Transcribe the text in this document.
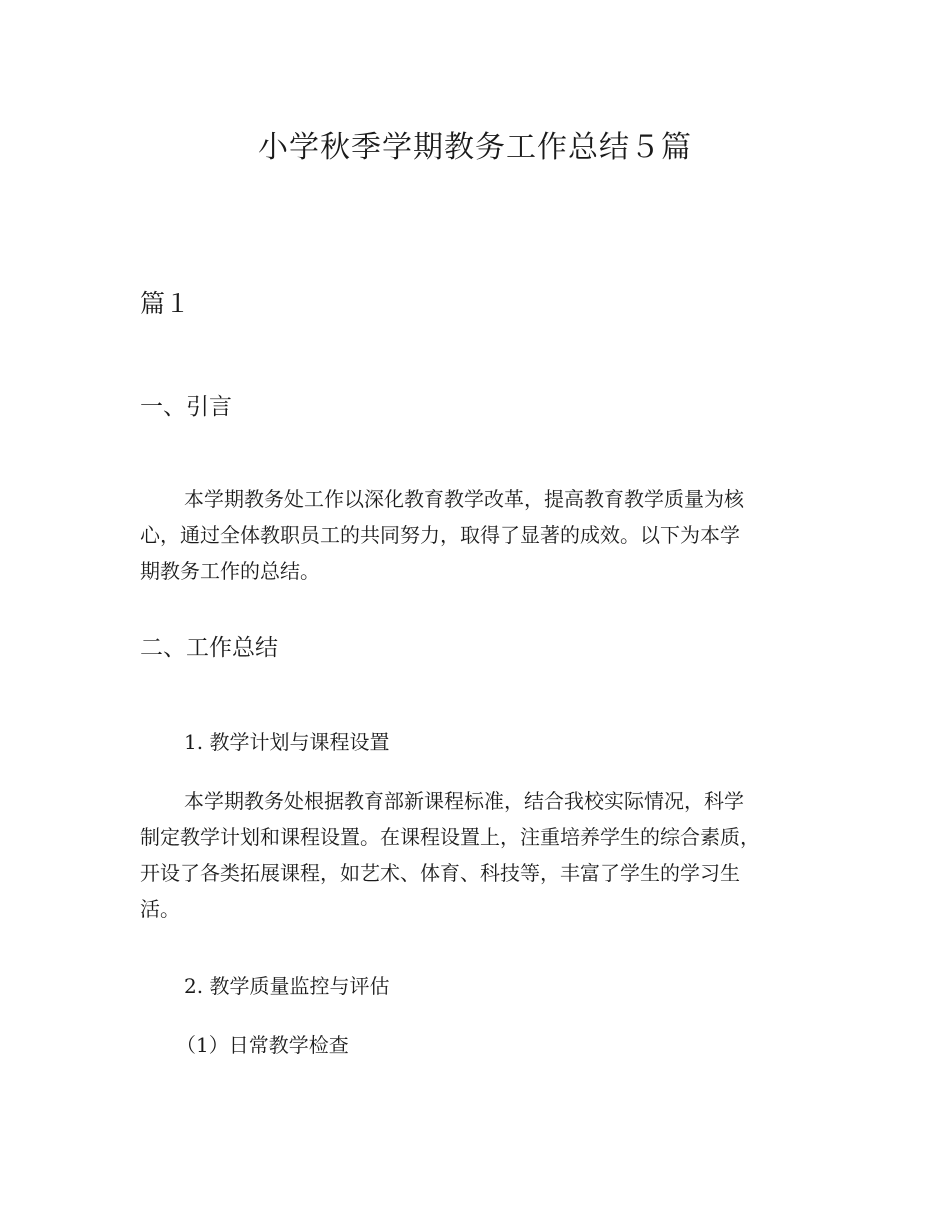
小学秋季学期教务工作总结５篇
篇１
一、引言
本学期教务处工作以深化教育教学改革，提高教育教学质量为核
心，通过全体教职员工的共同努力，取得了显著的成效。以下为本学
期教务工作的总结。
二、工作总结
1. 教学计划与课程设置
本学期教务处根据教育部新课程标准，结合我校实际情况，科学
制定教学计划和课程设置。在课程设置上，注重培养学生的综合素质，
开设了各类拓展课程，如艺术、体育、科技等，丰富了学生的学习生
活。
2. 教学质量监控与评估
（1）日常教学检查
